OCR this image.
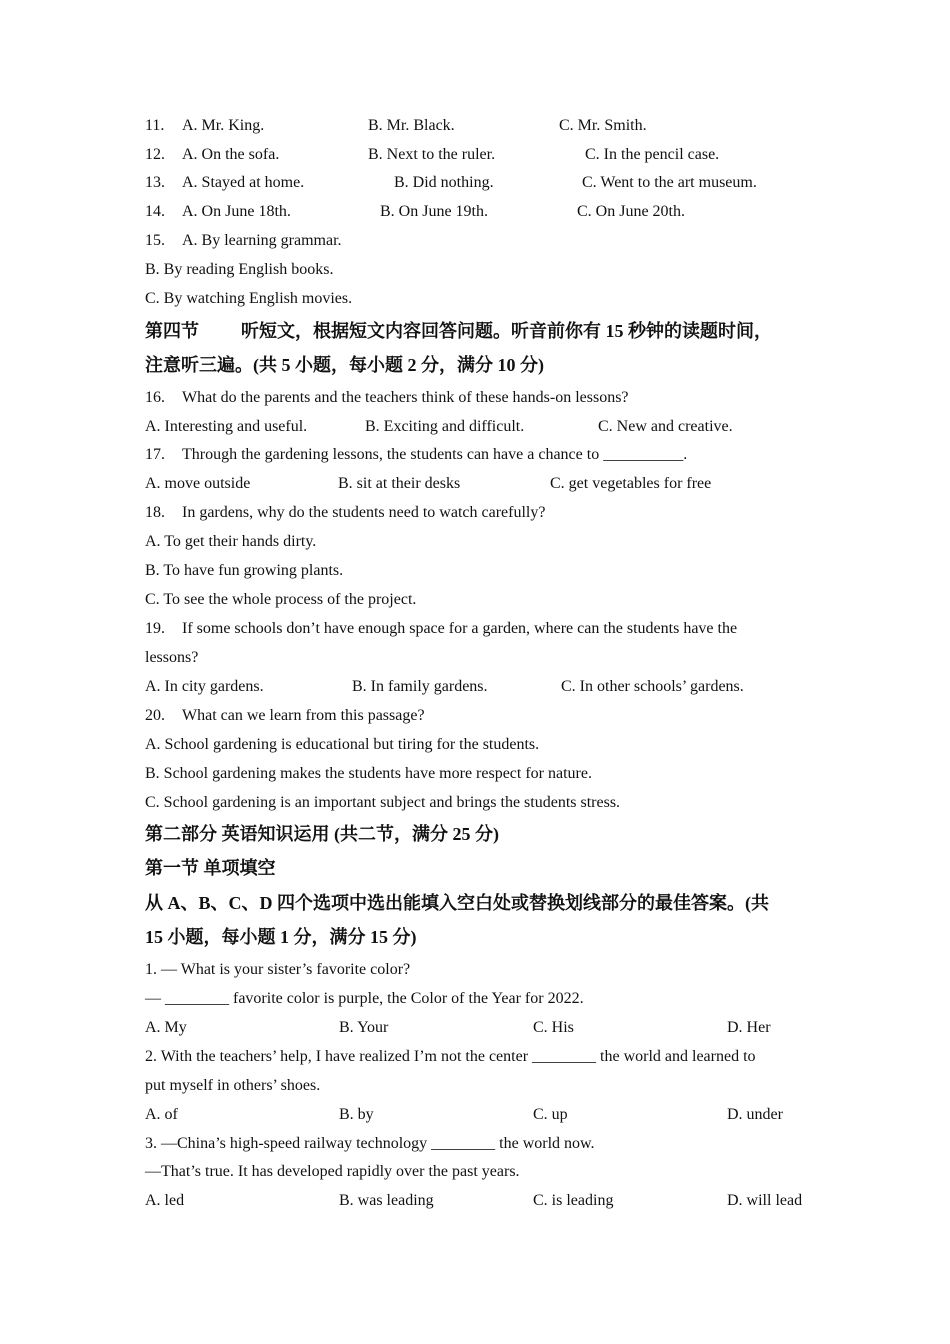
11. A. Mr. King.	B. Mr. Black.	C. Mr. Smith.
12. A. On the sofa.	B. Next to the ruler.	C. In the pencil case.
13. A. Stayed at home.	B. Did nothing.	C. Went to the art museum.
14. A. On June 18th.	B. On June 19th.	C. On June 20th.
15. A. By learning grammar.
B. By reading English books.
C. By watching English movies.
第四节 听短文，根据短文内容回答问题。听音前你有 15 秒钟的读题时间，
注意听三遍。(共 5 小题，每小题 2 分，满分 10 分)
16. What do the parents and the teachers think of these hands-on lessons?
A. Interesting and useful.	B. Exciting and difficult.	C. New and creative.
17. Through the gardening lessons, the students can have a chance to __________.
A. move outside	B. sit at their desks	C. get vegetables for free
18. In gardens, why do the students need to watch carefully?
A. To get their hands dirty.
B. To have fun growing plants.
C. To see the whole process of the project.
19. If some schools don’t have enough space for a garden, where can the students have the
lessons?
A. In city gardens.	B. In family gardens.	C. In other schools’ gardens.
20. What can we learn from this passage?
A. School gardening is educational but tiring for the students.
B. School gardening makes the students have more respect for nature.
C. School gardening is an important subject and brings the students stress.
第二部分 英语知识运用 (共二节，满分 25 分)
第一节 单项填空
从 A、B、C、D 四个选项中选出能填入空白处或替换划线部分的最佳答案。(共
15 小题，每小题 1 分，满分 15 分)
1. — What is your sister’s favorite color?
— ________ favorite color is purple, the Color of the Year for 2022.
A. My	B. Your	C. His	D. Her
2. With the teachers’ help, I have realized I’m not the center ________ the world and learned to
put myself in others’ shoes.
A. of	B. by	C. up	D. under
3. —China’s high-speed railway technology ________ the world now.
—That’s true. It has developed rapidly over the past years.
A. led	B. was leading	C. is leading	D. will lead
